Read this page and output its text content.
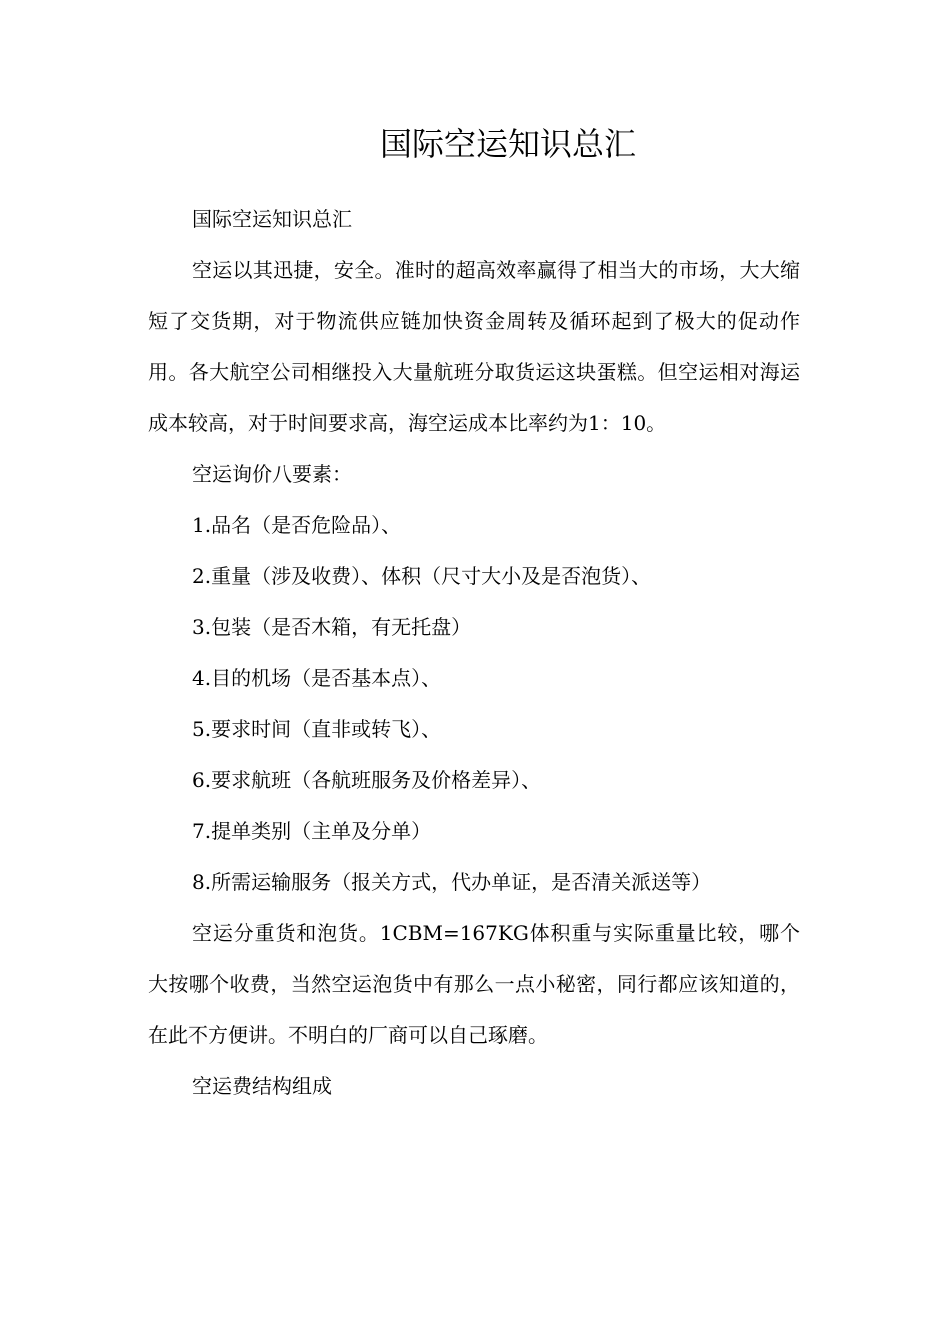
国际空运知识总汇

国际空运知识总汇

空运以其迅捷，安全。准时的超高效率赢得了相当大的市场，大大缩短了交货期，对于物流供应链加快资金周转及循环起到了极大的促动作用。各大航空公司相继投入大量航班分取货运这块蛋糕。但空运相对海运成本较高，对于时间要求高，海空运成本比率约为1：10。

空运询价八要素：

1.品名（是否危险品）、

2.重量（涉及收费）、体积（尺寸大小及是否泡货）、

3.包装（是否木箱，有无托盘）

4.目的机场（是否基本点）、

5.要求时间（直非或转飞）、

6.要求航班（各航班服务及价格差异）、

7.提单类别（主单及分单）

8.所需运输服务（报关方式，代办单证，是否清关派送等）

空运分重货和泡货。1CBM=167KG体积重与实际重量比较，哪个大按哪个收费，当然空运泡货中有那么一点小秘密，同行都应该知道的，在此不方便讲。不明白的厂商可以自己琢磨。

空运费结构组成
